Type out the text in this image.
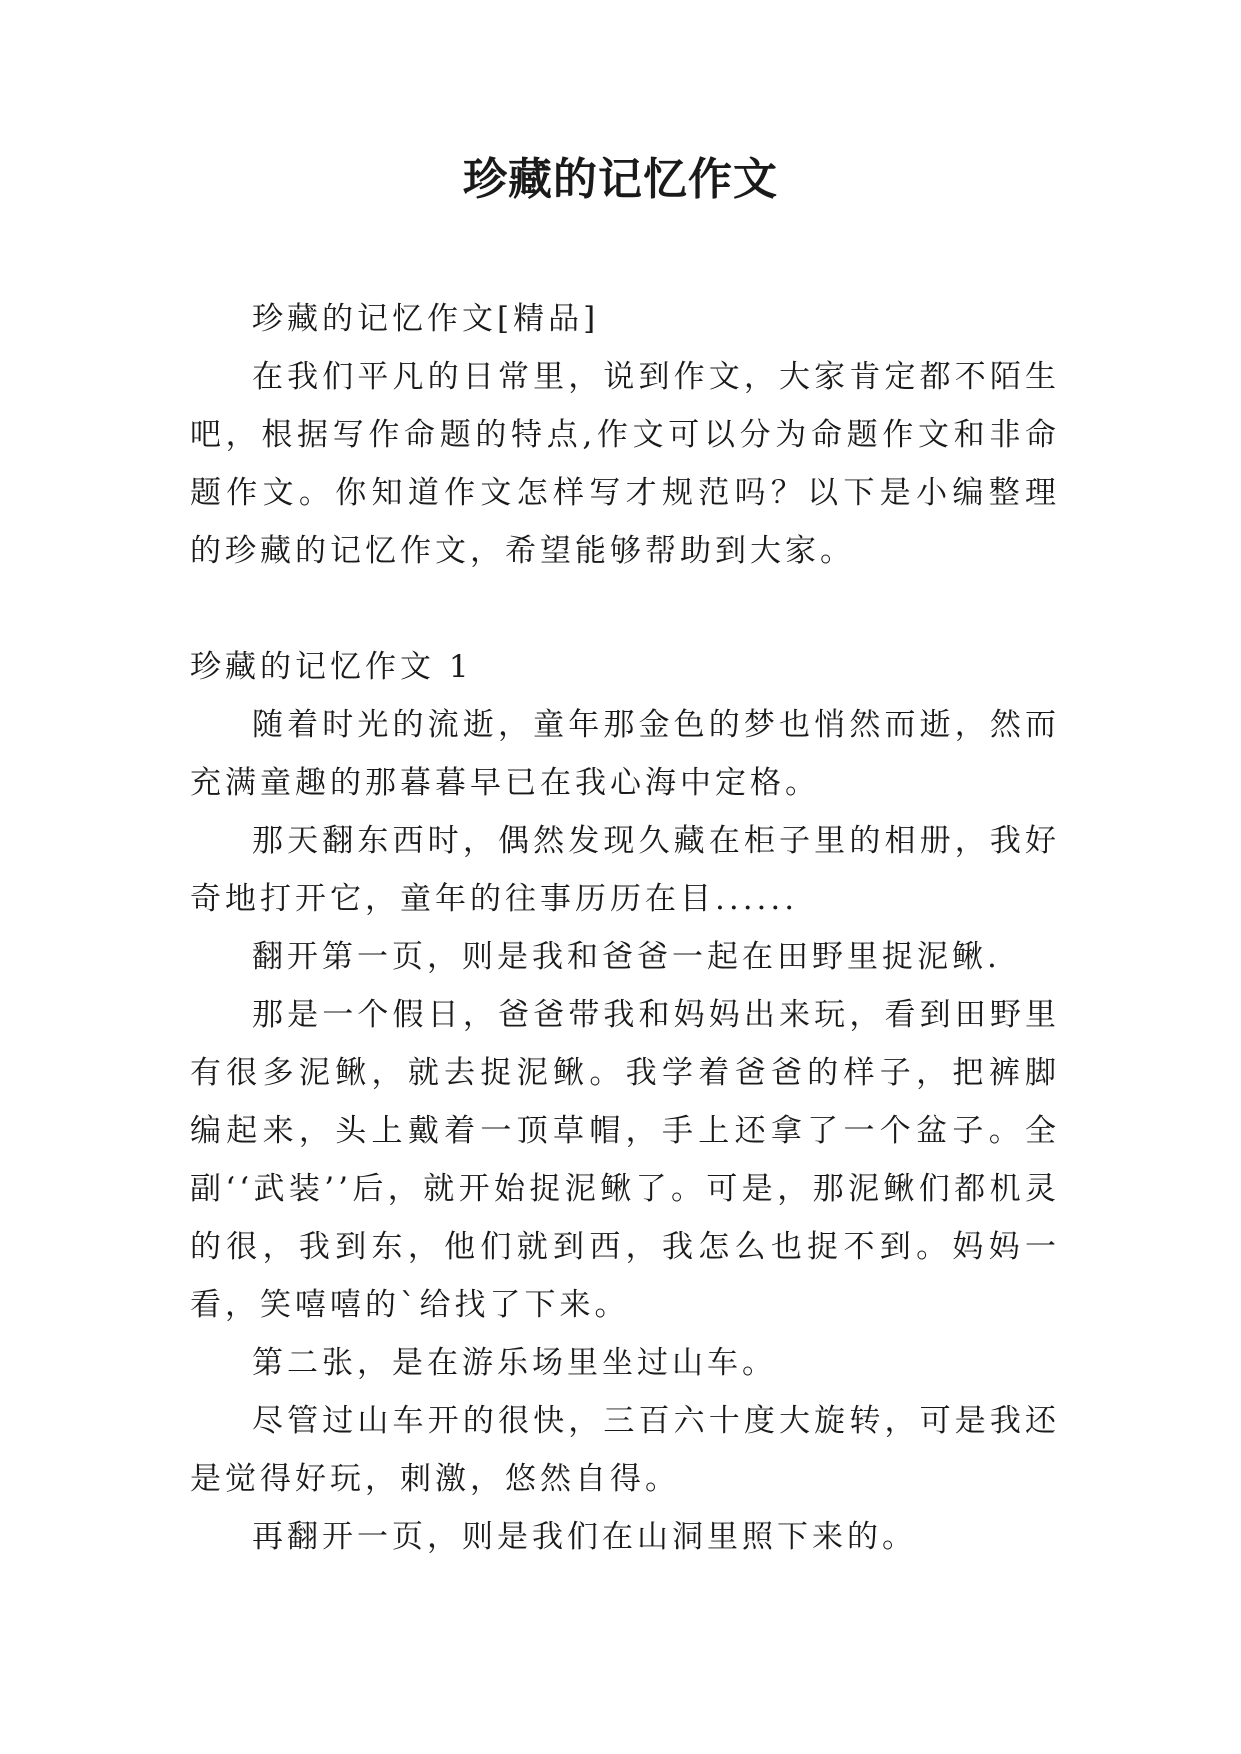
珍藏的记忆作文

珍藏的记忆作文[精品]

在我们平凡的日常里，说到作文，大家肯定都不陌生吧，根据写作命题的特点,作文可以分为命题作文和非命题作文。你知道作文怎样写才规范吗？以下是小编整理的珍藏的记忆作文，希望能够帮助到大家。

珍藏的记忆作文 1

随着时光的流逝，童年那金色的梦也悄然而逝，然而充满童趣的那暮暮早已在我心海中定格。

那天翻东西时，偶然发现久藏在柜子里的相册，我好奇地打开它，童年的往事历历在目......

翻开第一页，则是我和爸爸一起在田野里捉泥鳅.

那是一个假日，爸爸带我和妈妈出来玩，看到田野里有很多泥鳅，就去捉泥鳅。我学着爸爸的样子，把裤脚编起来，头上戴着一顶草帽，手上还拿了一个盆子。全副‘‘武装’’后，就开始捉泥鳅了。可是，那泥鳅们都机灵的很，我到东，他们就到西，我怎么也捉不到。妈妈一看，笑嘻嘻的`给找了下来。

第二张，是在游乐场里坐过山车。

尽管过山车开的很快，三百六十度大旋转，可是我还是觉得好玩，刺激，悠然自得。

再翻开一页，则是我们在山洞里照下来的。
